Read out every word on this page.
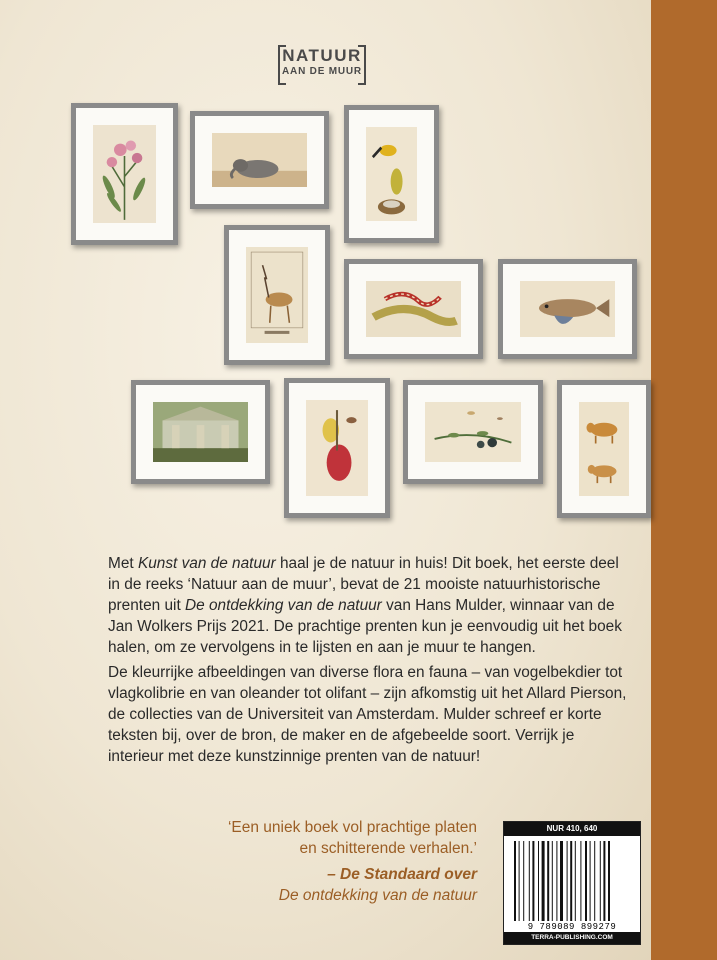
NATUUR
AAN DE MUUR

Met Kunst van de natuur haal je de natuur in huis! Dit boek, het eerste deel in de reeks ‘Natuur aan de muur’, bevat de 21 mooiste natuurhistorische prenten uit De ontdekking van de natuur van Hans Mulder, winnaar van de Jan Wolkers Prijs 2021. De prachtige prenten kun je eenvoudig uit het boek halen, om ze vervolgens in te lijsten en aan je muur te hangen.

De kleurrijke afbeeldingen van diverse flora en fauna – van vogelbekdier tot vlagkolibrie en van oleander tot olifant – zijn afkomstig uit het Allard Pierson, de collecties van de Universiteit van Amsterdam. Mulder schreef er korte teksten bij, over de bron, de maker en de afgebeelde soort. Verrijk je interieur met deze kunstzinnige prenten van de natuur!

‘Een uniek boek vol prachtige platen
en schitterende verhalen.’
– De Standaard over
De ontdekking van de natuur
NUR 410, 640
9 789089 899279
TERRA-PUBLISHING.COM
